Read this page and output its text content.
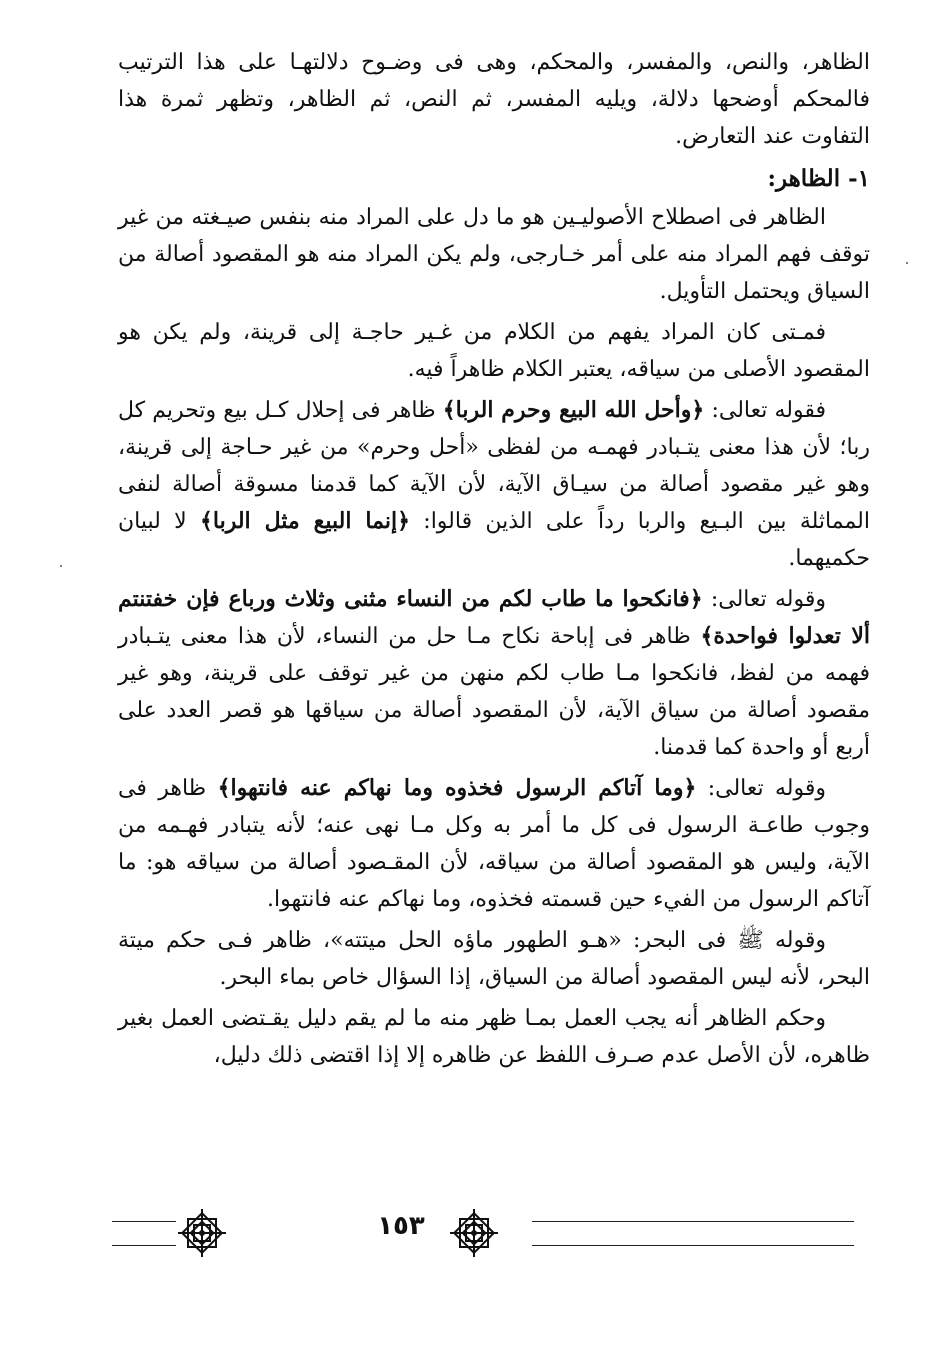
الظاهر، والنص، والمفسر، والمحكم، وهى فى وضـوح دلالتهـا على هذا الترتيب فالمحكم أوضحها دلالة، ويليه المفسر، ثم النص، ثم الظاهر، وتظهر ثمرة هذا التفاوت عند التعارض.

١- الظاهر:

الظاهر فى اصطلاح الأصوليـين هو ما دل على المراد منه بنفس صيـغته من غير توقف فهم المراد منه على أمر خـارجى، ولم يكن المراد منه هو المقصود أصالة من السياق ويحتمل التأويل.

فمـتى كان المراد يفهم من الكلام من غـير حاجـة إلى قرينة، ولم يكن هو المقصود الأصلى من سياقه، يعتبر الكلام ظاهراً فيه.

فقوله تعالى: ﴿وأحل الله البيع وحرم الربا﴾ ظاهر فى إحلال كـل بيع وتحريم كل ربا؛ لأن هذا معنى يتـبادر فهمـه من لفظى «أحل وحرم» من غير حـاجة إلى قرينة، وهو غير مقصود أصالة من سيـاق الآية، لأن الآية كما قدمنا مسوقة أصالة لنفى المماثلة بين البـيع والربا رداً على الذين قالوا: ﴿إنما البيع مثل الربا﴾ لا لبيان حكميهما.

وقوله تعالى: ﴿فانكحوا ما طاب لكم من النساء مثنى وثلاث ورباع فإن خفتنتم ألا تعدلوا فواحدة﴾ ظاهر فى إباحة نكاح مـا حل من النساء، لأن هذا معنى يتـبادر فهمه من لفظ، فانكحوا مـا طاب لكم منهن من غير توقف على قرينة، وهو غير مقصود أصالة من سياق الآية، لأن المقصود أصالة من سياقها هو قصر العدد على أربع أو واحدة كما قدمنا.

وقوله تعالى: ﴿وما آتاكم الرسول فخذوه وما نهاكم عنه فانتهوا﴾ ظاهر فى وجوب طاعـة الرسول فى كل ما أمر به وكل مـا نهى عنه؛ لأنه يتبادر فهـمه من الآية، وليس هو المقصود أصالة من سياقه، لأن المقـصود أصالة من سياقه هو: ما آتاكم الرسول من الفيء حين قسمته فخذوه، وما نهاكم عنه فانتهوا.

وقوله ﷺ فى البحر: «هـو الطهور ماؤه الحل ميتته»، ظاهر فـى حكم ميتة البحر، لأنه ليس المقصود أصالة من السياق، إذا السؤال خاص بماء البحر.

وحكم الظاهر أنه يجب العمل بمـا ظهر منه ما لم يقم دليل يقـتضى العمل بغير ظاهره، لأن الأصل عدم صـرف اللفظ عن ظاهره إلا إذا اقتضى ذلك دليل،

١٥٣
